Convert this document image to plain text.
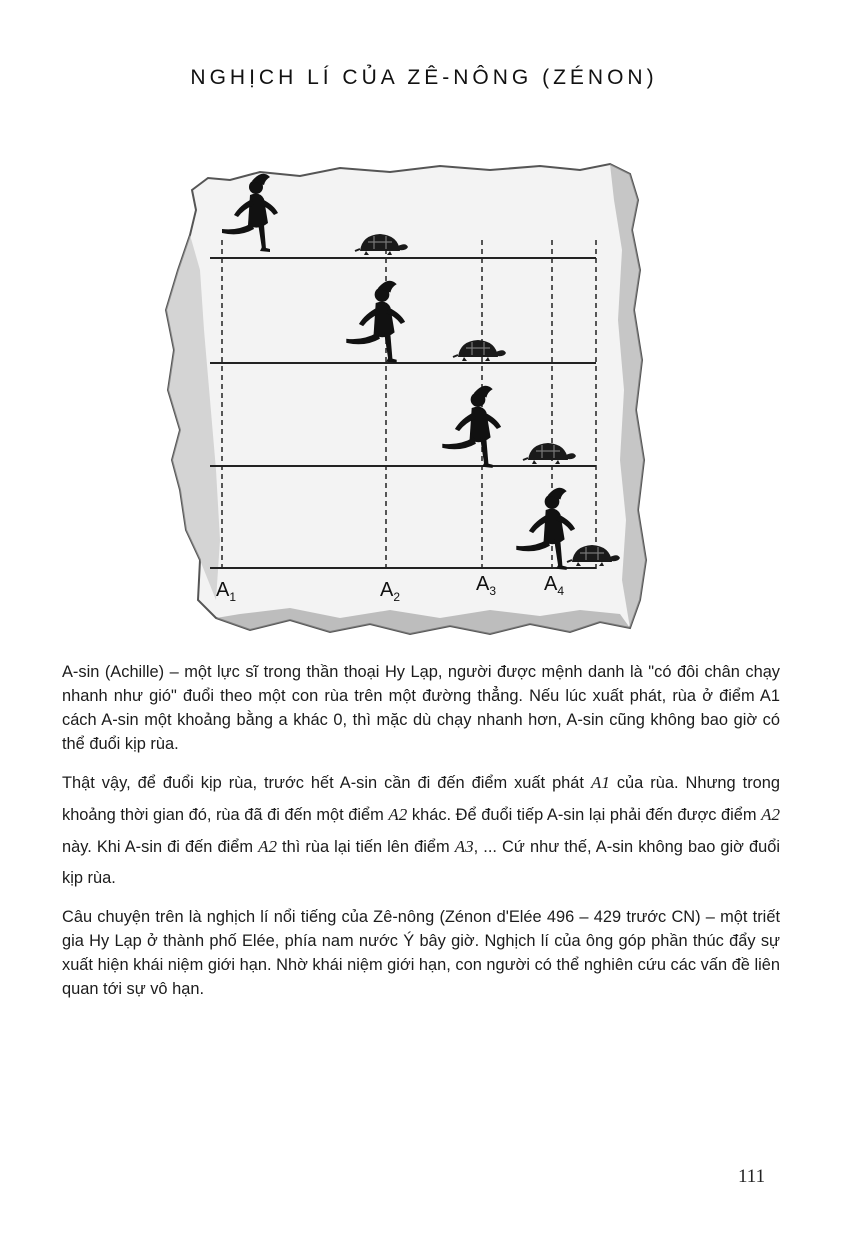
NGHỊCH LÍ CỦA ZÊ-NÔNG (ZÉNON)
$A_1$	$A_2$
$A_3$ $A_4$

A-sin (Achille) – một lực sĩ trong thần thoại Hy Lạp, người được mệnh danh là "có đôi chân chạy nhanh như gió" đuổi theo một con rùa trên một đường thẳng. Nếu lúc xuất phát, rùa ở điểm A1 cách A-sin một khoảng bằng a khác 0, thì mặc dù chạy nhanh hơn, A-sin cũng không bao giờ có thể đuổi kịp rùa.

Thật vậy, để đuổi kịp rùa, trước hết A-sin cần đi đến điểm xuất phát A1 của rùa. Nhưng trong khoảng thời gian đó, rùa đã đi đến một điểm A2 khác. Để đuổi tiếp A-sin lại phải đến được điểm A2 này. Khi A-sin đi đến điểm A2 thì rùa lại tiến lên điểm A3, ... Cứ như thế, A-sin không bao giờ đuổi kịp rùa.

Câu chuyện trên là nghịch lí nổi tiếng của Zê-nông (Zénon d'Elée 496 – 429 trước CN) – một triết gia Hy Lạp ở thành phố Elée, phía nam nước Ý bây giờ. Nghịch lí của ông góp phần thúc đẩy sự xuất hiện khái niệm giới hạn. Nhờ khái niệm giới hạn, con người có thể nghiên cứu các vấn đề liên quan tới sự vô hạn.

111
